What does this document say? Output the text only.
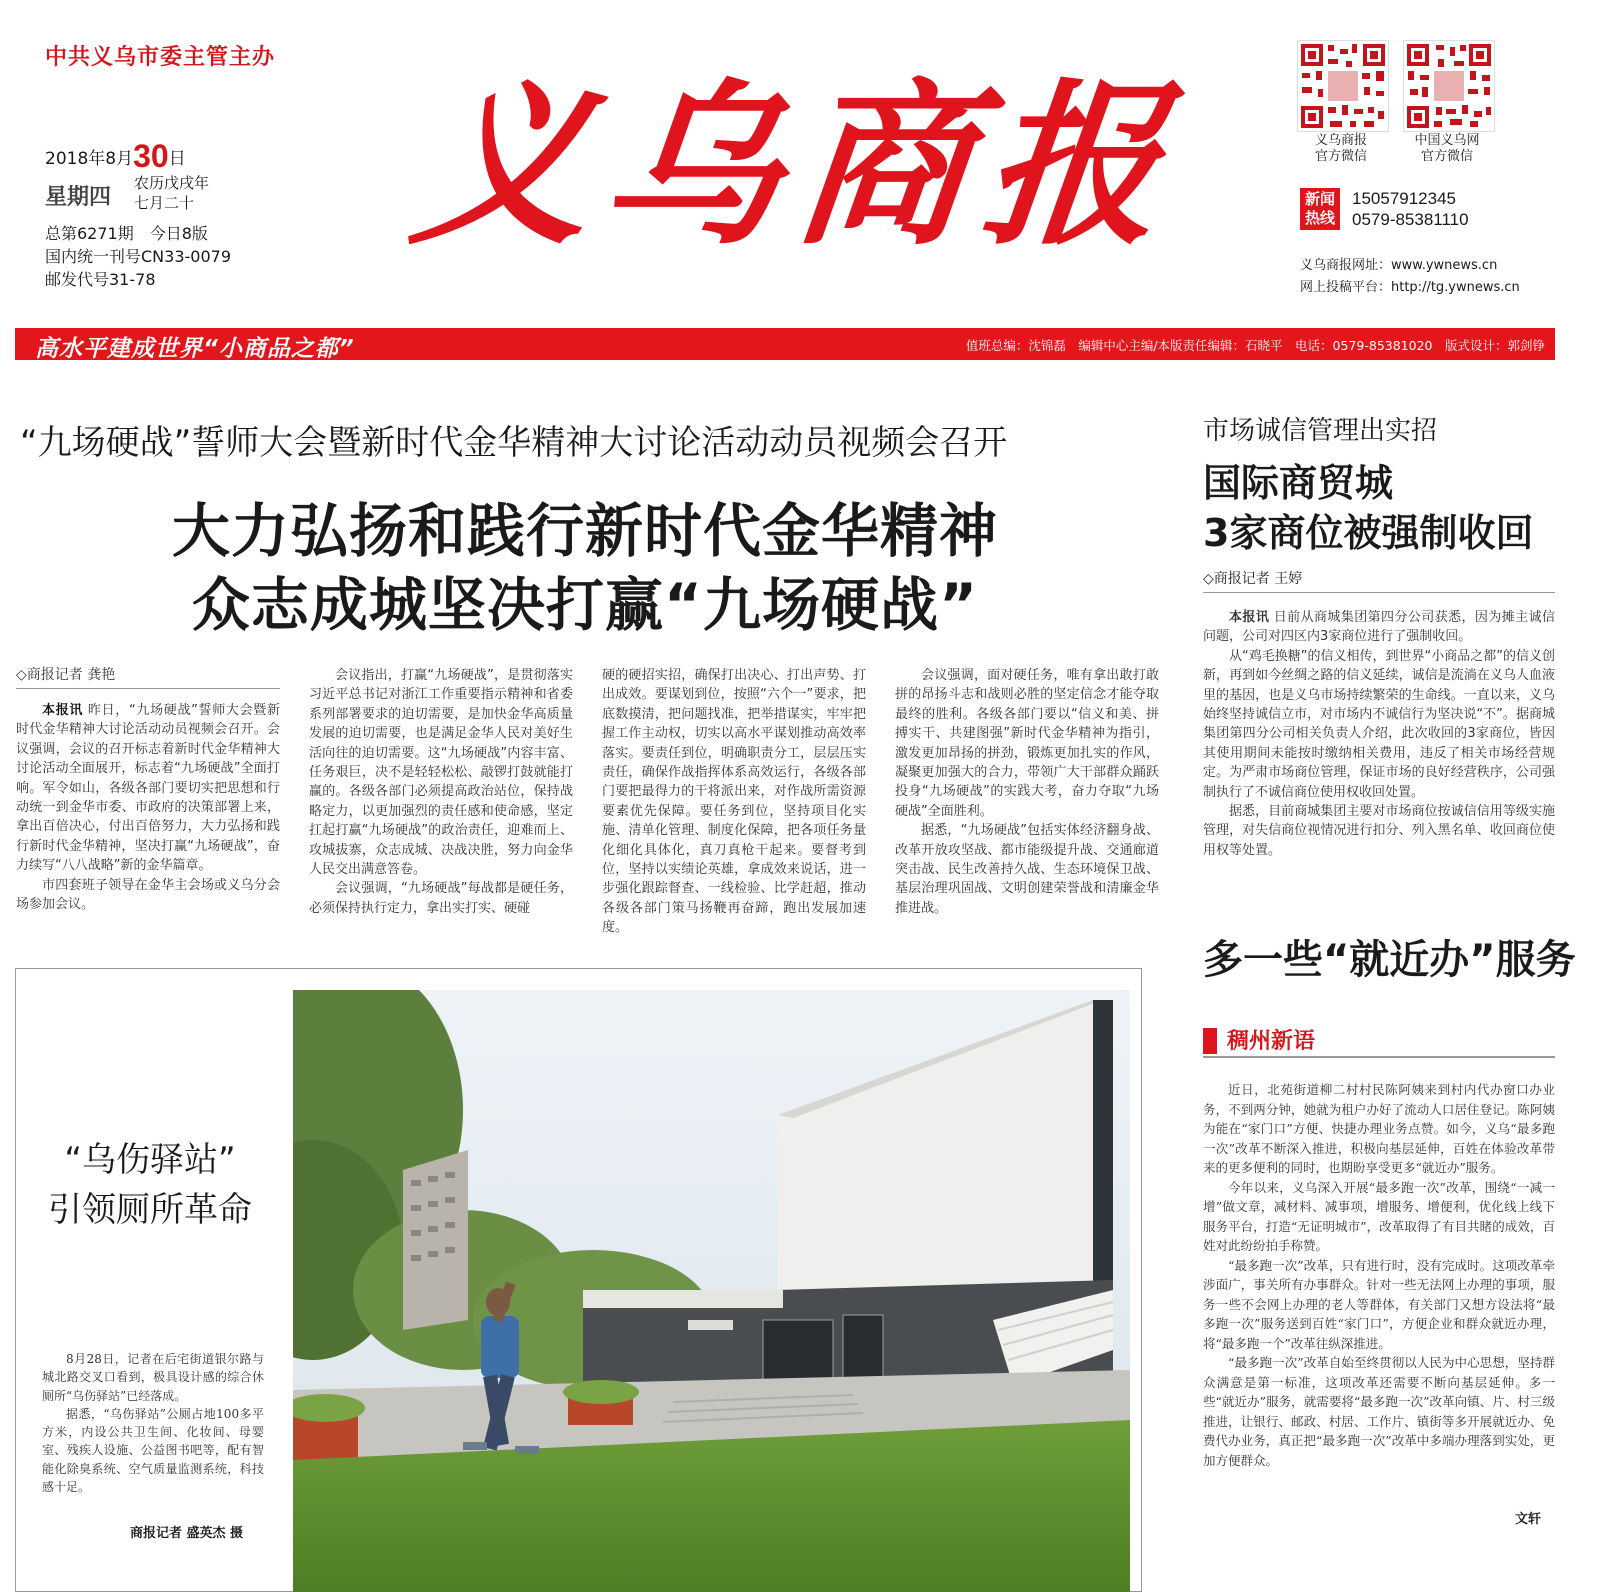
中共义乌市委主管主办
2018年8月30日
星期四
农历戊戌年
七月二十
总第6271期　今日8版
国内统一刊号CN33-0079
邮发代号31-78
义乌商报	义乌商报
官方微信
中国义乌网
官方微信
新闻
热线
15057912345
0579-85381110
义乌商报网址：www.ywnews.cn
网上投稿平台：http://tg.ywnews.cn
高水平建成世界“小商品之都”	值班总编：沈锦磊　编辑中心主编/本版责任编辑：石晓平　电话：0579-85381020　版式设计：郭剑铮
“九场硬战”誓师大会暨新时代金华精神大讨论活动动员视频会召开
大力弘扬和践行新时代金华精神
众志成城坚决打赢“九场硬战”
◇商报记者 龚艳

本报讯 昨日，“九场硬战”誓师大会暨新时代金华精神大讨论活动动员视频会召开。会议强调，会议的召开标志着新时代金华精神大讨论活动全面展开，标志着“九场硬战”全面打响。军令如山，各级各部门要切实把思想和行动统一到金华市委、市政府的决策部署上来，拿出百倍决心，付出百倍努力，大力弘扬和践行新时代金华精神，坚决打赢“九场硬战”，奋力续写“八八战略”新的金华篇章。

市四套班子领导在金华主会场或义乌分会场参加会议。

会议指出，打赢“九场硬战”，是贯彻落实习近平总书记对浙江工作重要指示精神和省委系列部署要求的迫切需要，是加快金华高质量发展的迫切需要，也是满足金华人民对美好生活向往的迫切需要。这“九场硬战”内容丰富、任务艰巨，决不是轻轻松松、敲锣打鼓就能打赢的。各级各部门必须提高政治站位，保持战略定力，以更加强烈的责任感和使命感，坚定扛起打赢“九场硬战”的政治责任，迎难而上、攻城拔寨，众志成城、决战决胜，努力向金华人民交出满意答卷。

会议强调，“九场硬战”每战都是硬任务，必须保持执行定力，拿出实打实、硬碰

硬的硬招实招，确保打出决心、打出声势、打出成效。要谋划到位，按照“六个一”要求，把底数摸清，把问题找准，把举措谋实，牢牢把握工作主动权，切实以高水平谋划推动高效率落实。要责任到位，明确职责分工，层层压实责任，确保作战指挥体系高效运行，各级各部门要把最得力的干将派出来，对作战所需资源要素优先保障。要任务到位，坚持项目化实施、清单化管理、制度化保障，把各项任务量化细化具体化，真刀真枪干起来。要督考到位，坚持以实绩论英雄，拿成效来说话，进一步强化跟踪督查、一线检验、比学赶超，推动各级各部门策马扬鞭再奋蹄，跑出发展加速度。

会议强调，面对硬任务，唯有拿出敢打敢拼的昂扬斗志和战则必胜的坚定信念才能夺取最终的胜利。各级各部门要以“信义和美、拼搏实干、共建图强”新时代金华精神为指引，激发更加昂扬的拼劲，锻炼更加扎实的作风，凝聚更加强大的合力，带领广大干部群众踊跃投身“九场硬战”的实践大考，奋力夺取“九场硬战”全面胜利。

据悉，“九场硬战”包括实体经济翻身战、改革开放攻坚战、都市能级提升战、交通廊道突击战、民生改善持久战、生态环境保卫战、基层治理巩固战、文明创建荣誉战和清廉金华推进战。

市场诚信管理出实招
国际商贸城
3家商位被强制收回
◇商报记者 王婷

本报讯 日前从商城集团第四分公司获悉，因为摊主诚信问题，公司对四区内3家商位进行了强制收回。

从“鸡毛换糖”的信义相传，到世界“小商品之都”的信义创新，再到如今丝绸之路的信义延续，诚信是流淌在义乌人血液里的基因，也是义乌市场持续繁荣的生命线。一直以来，义乌始终坚持诚信立市，对市场内不诚信行为坚决说“不”。据商城集团第四分公司相关负责人介绍，此次收回的3家商位，皆因其使用期间未能按时缴纳相关费用，违反了相关市场经营规定。为严肃市场商位管理，保证市场的良好经营秩序，公司强制执行了不诚信商位使用权收回处置。

据悉，目前商城集团主要对市场商位按诚信信用等级实施管理，对失信商位视情况进行扣分、列入黑名单、收回商位使用权等处置。

多一些“就近办”服务
稠州新语

近日，北苑街道柳二村村民陈阿姨来到村内代办窗口办业务，不到两分钟，她就为租户办好了流动人口居住登记。陈阿姨为能在“家门口”方便、快捷办理业务点赞。如今，义乌“最多跑一次”改革不断深入推进，积极向基层延伸，百姓在体验改革带来的更多便利的同时，也期盼享受更多“就近办”服务。

今年以来，义乌深入开展“最多跑一次”改革，围绕“一减一增”做文章，减材料、减事项，增服务、增便利，优化线上线下服务平台，打造“无证明城市”，改革取得了有目共睹的成效，百姓对此纷纷拍手称赞。

“最多跑一次”改革，只有进行时，没有完成时。这项改革牵涉面广，事关所有办事群众。针对一些无法网上办理的事项，服务一些不会网上办理的老人等群体，有关部门又想方设法将“最多跑一次”服务送到百姓“家门口”，方便企业和群众就近办理，将“最多跑一个”改革往纵深推进。

“最多跑一次”改革自始至终贯彻以人民为中心思想，坚持群众满意是第一标准，这项改革还需要不断向基层延伸。多一些“就近办”服务，就需要将“最多跑一次”改革向镇、片、村三级推进，让银行、邮政、村居、工作片、镇街等多开展就近办、免费代办业务，真正把“最多跑一次”改革中多端办理落到实处，更加方便群众。

文轩
“乌伤驿站”
引领厕所革命

8月28日，记者在后宅街道银尔路与城北路交叉口看到，极具设计感的综合休厕所“乌伤驿站”已经落成。

据悉，“乌伤驿站”公厕占地100多平方米，内设公共卫生间、化妆间、母婴室、残疾人设施、公益图书吧等，配有智能化除臭系统、空气质量监测系统，科技感十足。

商报记者 盛英杰 摄
